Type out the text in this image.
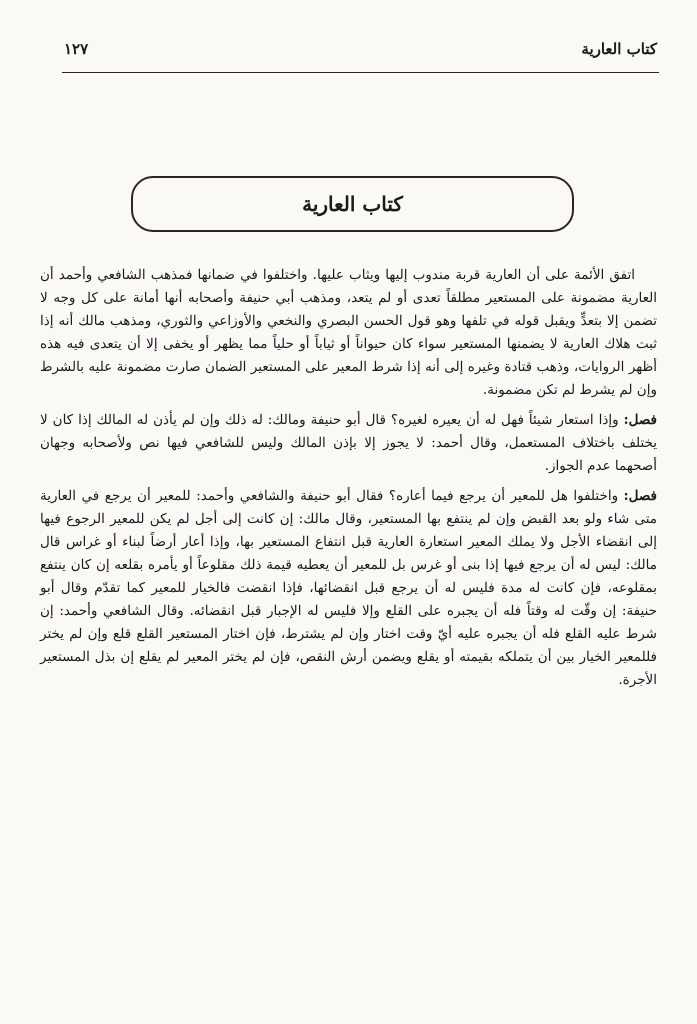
كتاب العارية
١٢٧
كتاب العارية

اتفق الأئمة على أن العارية قربة مندوب إليها ويثاب عليها. واختلفوا في ضمانها فمذهب الشافعي وأحمد أن العارية مضمونة على المستعير مطلقاً تعدى أو لم يتعد، ومذهب أبي حنيفة وأصحابه أنها أمانة على كل وجه لا تضمن إلا بتعدٍّ ويقبل قوله في تلفها وهو قول الحسن البصري والنخعي والأوزاعي والثوري، ومذهب مالك أنه إذا ثبت هلاك العارية لا يضمنها المستعير سواء كان حيواناً أو ثياباً أو حلياً مما يظهر أو يخفى إلا أن يتعدى فيه هذه أظهر الروايات، وذهب قتادة وغيره إلى أنه إذا شرط المعير على المستعير الضمان صارت مضمونة عليه بالشرط وإن لم يشرط لم تكن مضمونة.

فصل: وإذا استعار شيئاً فهل له أن يعيره لغيره؟ قال أبو حنيفة ومالك: له ذلك وإن لم يأذن له المالك إذا كان لا يختلف باختلاف المستعمل، وقال أحمد: لا يجوز إلا بإذن المالك وليس للشافعي فيها نص ولأصحابه وجهان أصحهما عدم الجواز.

فصل: واختلفوا هل للمعير أن يرجع فيما أعاره؟ فقال أبو حنيفة والشافعي وأحمد: للمعير أن يرجع في العارية متى شاء ولو بعد القبض وإن لم ينتفع بها المستعير، وقال مالك: إن كانت إلى أجل لم يكن للمعير الرجوع فيها إلى انقضاء الأجل ولا يملك المعير استعارة العارية قبل انتفاع المستعير بها، وإذا أعار أرضاً لبناء أو غراس قال مالك: ليس له أن يرجع فيها إذا بنى أو غرس بل للمعير أن يعطيه قيمة ذلك مقلوعاً أو يأمره بقلعه إن كان ينتفع بمقلوعه، فإن كانت له مدة فليس له أن يرجع قبل انقضائها، فإذا انقضت فالخيار للمعير كما تقدّم وقال أبو حنيفة: إن وقّت له وقتاً فله أن يجبره على القلع وإلا فليس له الإجبار قبل انقضائه. وقال الشافعي وأحمد: إن شرط عليه القلع فله أن يجبره عليه أيّ وقت اختار وإن لم يشترط، فإن اختار المستعير القلع قلع وإن لم يختر فللمعير الخيار بين أن يتملكه بقيمته أو يقلع ويضمن أرش النقص، فإن لم يختر المعير لم يقلع إن بذل المستعير الأجرة.
